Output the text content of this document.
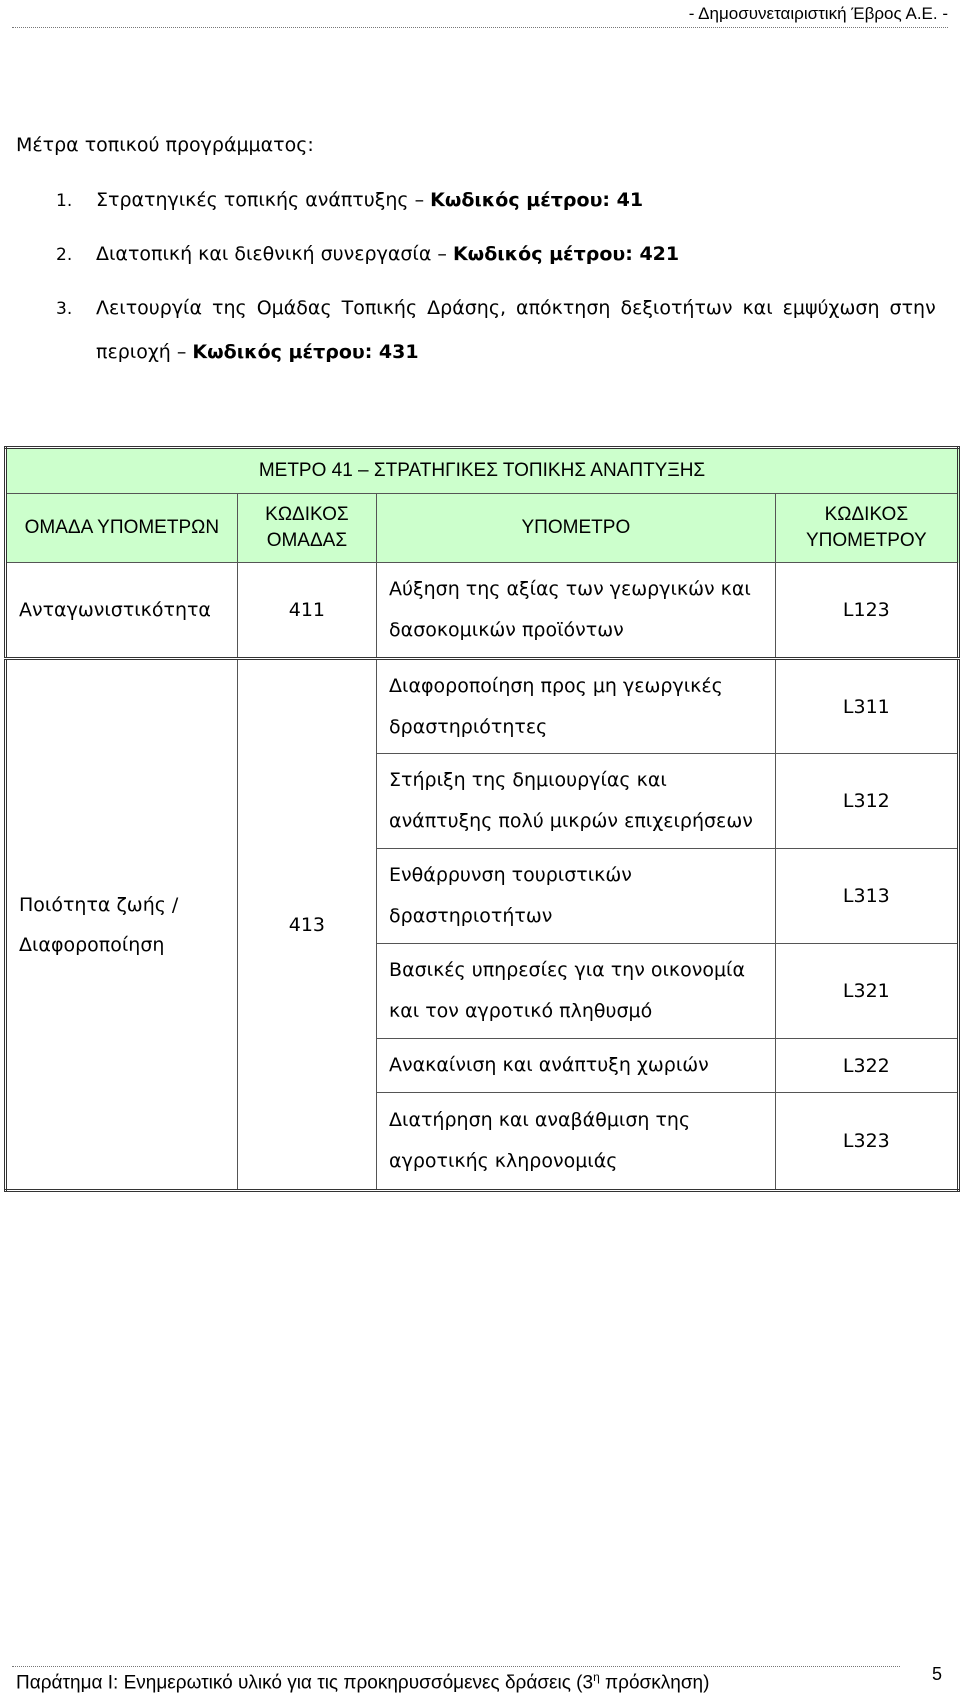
- Δημοσυνεταιριστική Έβρος Α.Ε. -
Μέτρα τοπικού προγράμματος:
1. Στρατηγικές τοπικής ανάπτυξης – Κωδικός μέτρου: 41
2. Διατοπική και διεθνική συνεργασία – Κωδικός μέτρου: 421
3. Λειτουργία της Ομάδας Τοπικής Δράσης, απόκτηση δεξιοτήτων και εμψύχωση στην
περιοχή – Κωδικός μέτρου: 431
ΜΕΤΡΟ 41 – ΣΤΡΑΤΗΓΙΚΕΣ ΤΟΠΙΚΗΣ ΑΝΑΠΤΥΞΗΣ			
ΟΜΑΔΑ ΥΠΟΜΕΤΡΩΝ	ΚΩΔΙΚΟΣ ΟΜΑΔΑΣ	ΥΠΟΜΕΤΡΟ	ΚΩΔΙΚΟΣ ΥΠΟΜΕΤΡΟΥ
Ανταγωνιστικότητα	411	Αύξηση της αξίας των γεωργικών και δασοκομικών προϊόντων	L123
Ποιότητα ζωής / Διαφοροποίηση	413	Διαφοροποίηση προς μη γεωργικές δραστηριότητες	L311
		Στήριξη της δημιουργίας και ανάπτυξης πολύ μικρών επιχειρήσεων	L312
		Ενθάρρυνση τουριστικών δραστηριοτήτων	L313
		Βασικές υπηρεσίες για την οικονομία και τον αγροτικό πληθυσμό	L321
		Ανακαίνιση και ανάπτυξη χωριών	L322
		Διατήρηση και αναβάθμιση της αγροτικής κληρονομιάς	L323
Παράτημα Ι: Ενημερωτικό υλικό για τις προκηρυσσόμενες δράσεις ($3^\eta$ πρόσκληση)	5
